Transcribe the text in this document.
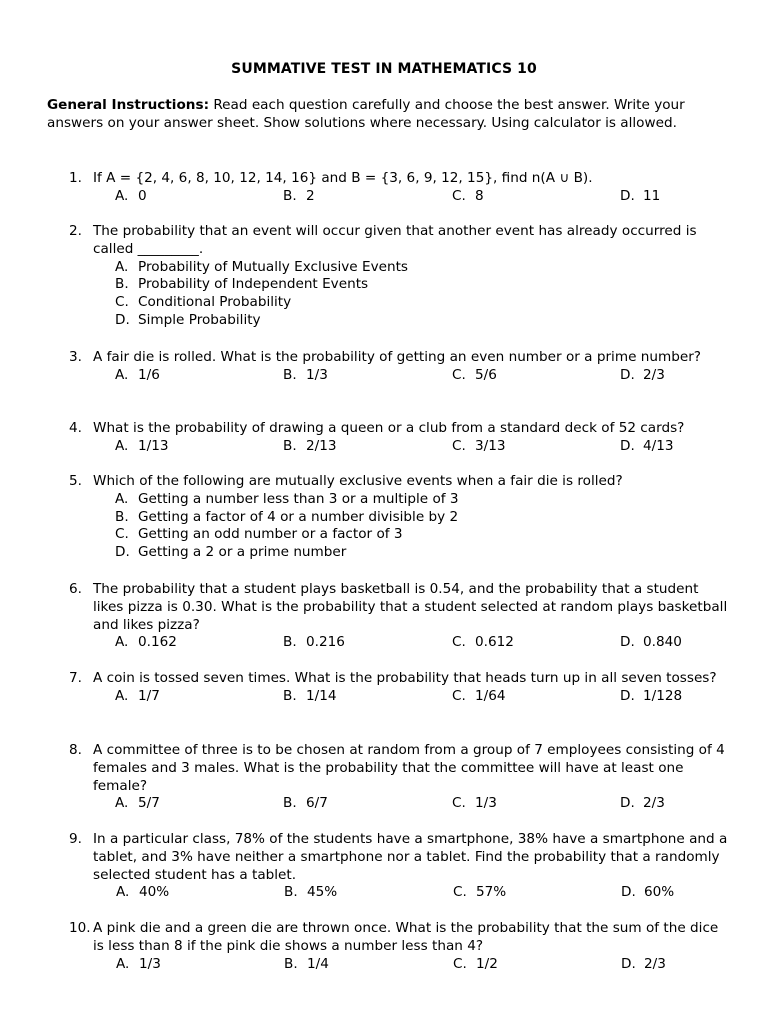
SUMMATIVE TEST IN MATHEMATICS 10
General Instructions: Read each question carefully and choose the best answer. Write your answers on your answer sheet. Show solutions where necessary. Using calculator is allowed.
1. If A = {2, 4, 6, 8, 10, 12, 14, 16} and B = {3, 6, 9, 12, 15}, find n(A ∪ B).
A. 0	B. 2	C. 8	D. 11
2. The probability that an event will occur given that another event has already occurred is called _________.
A. Probability of Mutually Exclusive Events
B. Probability of Independent Events
C. Conditional Probability
D. Simple Probability
3. A fair die is rolled. What is the probability of getting an even number or a prime number?
A. 1/6	B. 1/3	C. 5/6	D. 2/3
4. What is the probability of drawing a queen or a club from a standard deck of 52 cards?
A. 1/13	B. 2/13	C. 3/13	D. 4/13
5. Which of the following are mutually exclusive events when a fair die is rolled?
A. Getting a number less than 3 or a multiple of 3
B. Getting a factor of 4 or a number divisible by 2
C. Getting an odd number or a factor of 3
D. Getting a 2 or a prime number
6. The probability that a student plays basketball is 0.54, and the probability that a student likes pizza is 0.30. What is the probability that a student selected at random plays basketball and likes pizza?
A. 0.162	B. 0.216	C. 0.612	D. 0.840
7. A coin is tossed seven times. What is the probability that heads turn up in all seven tosses?
A. 1/7	B. 1/14	C. 1/64	D. 1/128
8. A committee of three is to be chosen at random from a group of 7 employees consisting of 4 females and 3 males. What is the probability that the committee will have at least one female?
A. 5/7	B. 6/7	C. 1/3	D. 2/3
9. In a particular class, 78% of the students have a smartphone, 38% have a smartphone and a tablet, and 3% have neither a smartphone nor a tablet. Find the probability that a randomly selected student has a tablet.
A. 40%	B. 45%	C. 57%	D. 60%
10. A pink die and a green die are thrown once. What is the probability that the sum of the dice is less than 8 if the pink die shows a number less than 4?
A. 1/3	B. 1/4	C. 1/2	D. 2/3
